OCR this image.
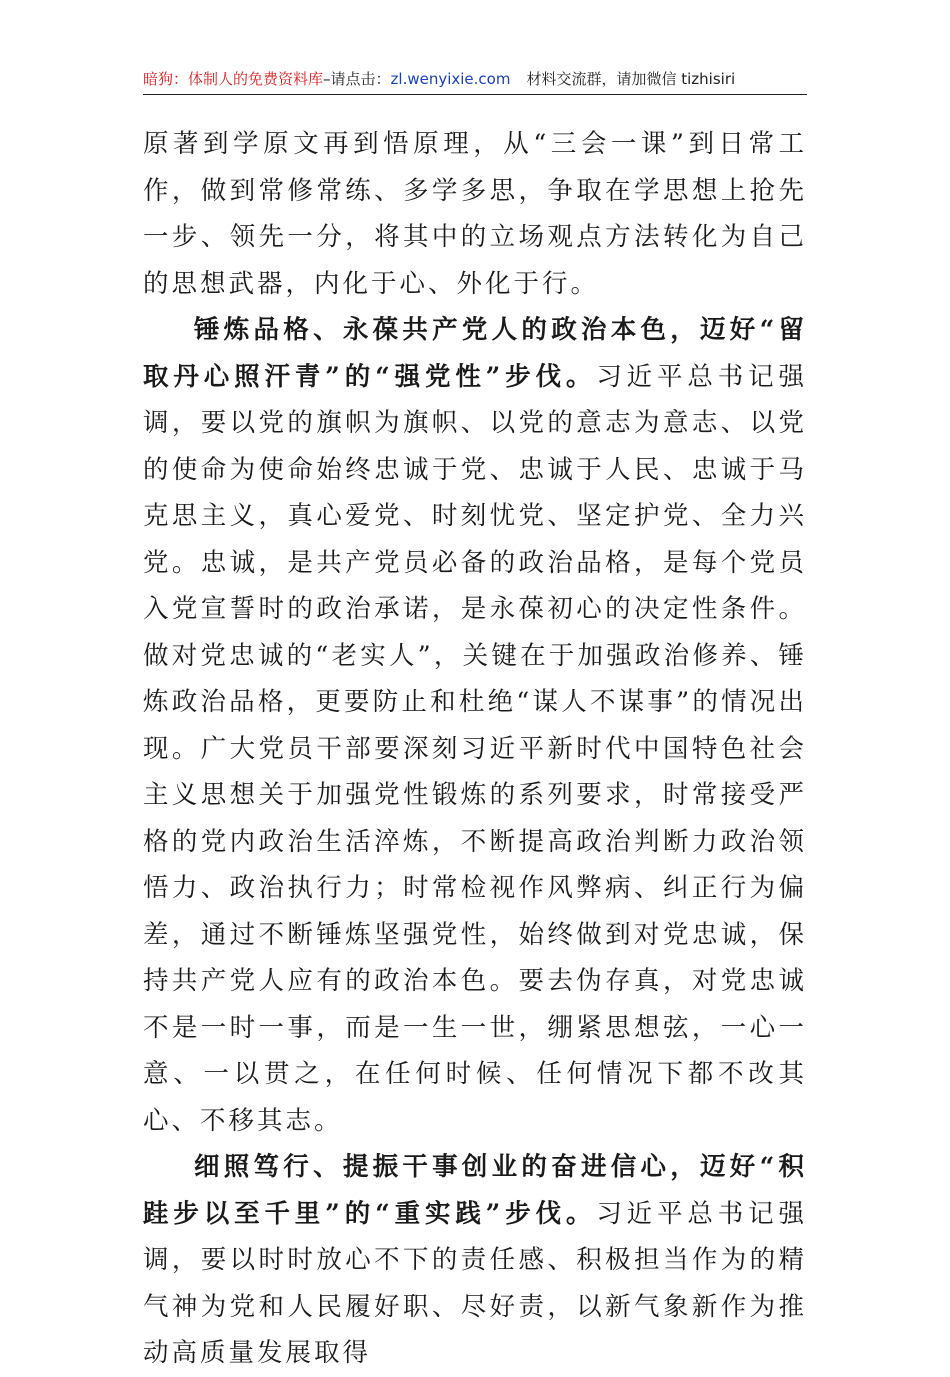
暗狗：体制人的免费资料库–请点击：zl.wenyixie.com 材料交流群，请加微信 tizhisiri

原著到学原文再到悟原理，从“三会一课”到日常工作，做到常修常练、多学多思，争取在学思想上抢先一步、领先一分，将其中的立场观点方法转化为自己的思想武器，内化于心、外化于行。

锤炼品格、永葆共产党人的政治本色，迈好“留取丹心照汗青”的“强党性”步伐。习近平总书记强调，要以党的旗帜为旗帜、以党的意志为意志、以党的使命为使命始终忠诚于党、忠诚于人民、忠诚于马克思主义，真心爱党、时刻忧党、坚定护党、全力兴党。忠诚，是共产党员必备的政治品格，是每个党员入党宣誓时的政治承诺，是永葆初心的决定性条件。做对党忠诚的“老实人”，关键在于加强政治修养、锤炼政治品格，更要防止和杜绝“谋人不谋事”的情况出现。广大党员干部要深刻习近平新时代中国特色社会主义思想关于加强党性锻炼的系列要求，时常接受严格的党内政治生活淬炼，不断提高政治判断力政治领悟力、政治执行力；时常检视作风弊病、纠正行为偏差，通过不断锤炼坚强党性，始终做到对党忠诚，保持共产党人应有的政治本色。要去伪存真，对党忠诚不是一时一事，而是一生一世，绷紧思想弦，一心一意、一以贯之，在任何时候、任何情况下都不改其心、不移其志。

细照笃行、提振干事创业的奋进信心，迈好“积跬步以至千里”的“重实践”步伐。习近平总书记强调，要以时时放心不下的责任感、积极担当作为的精气神为党和人民履好职、尽好责，以新气象新作为推动高质量发展取得
